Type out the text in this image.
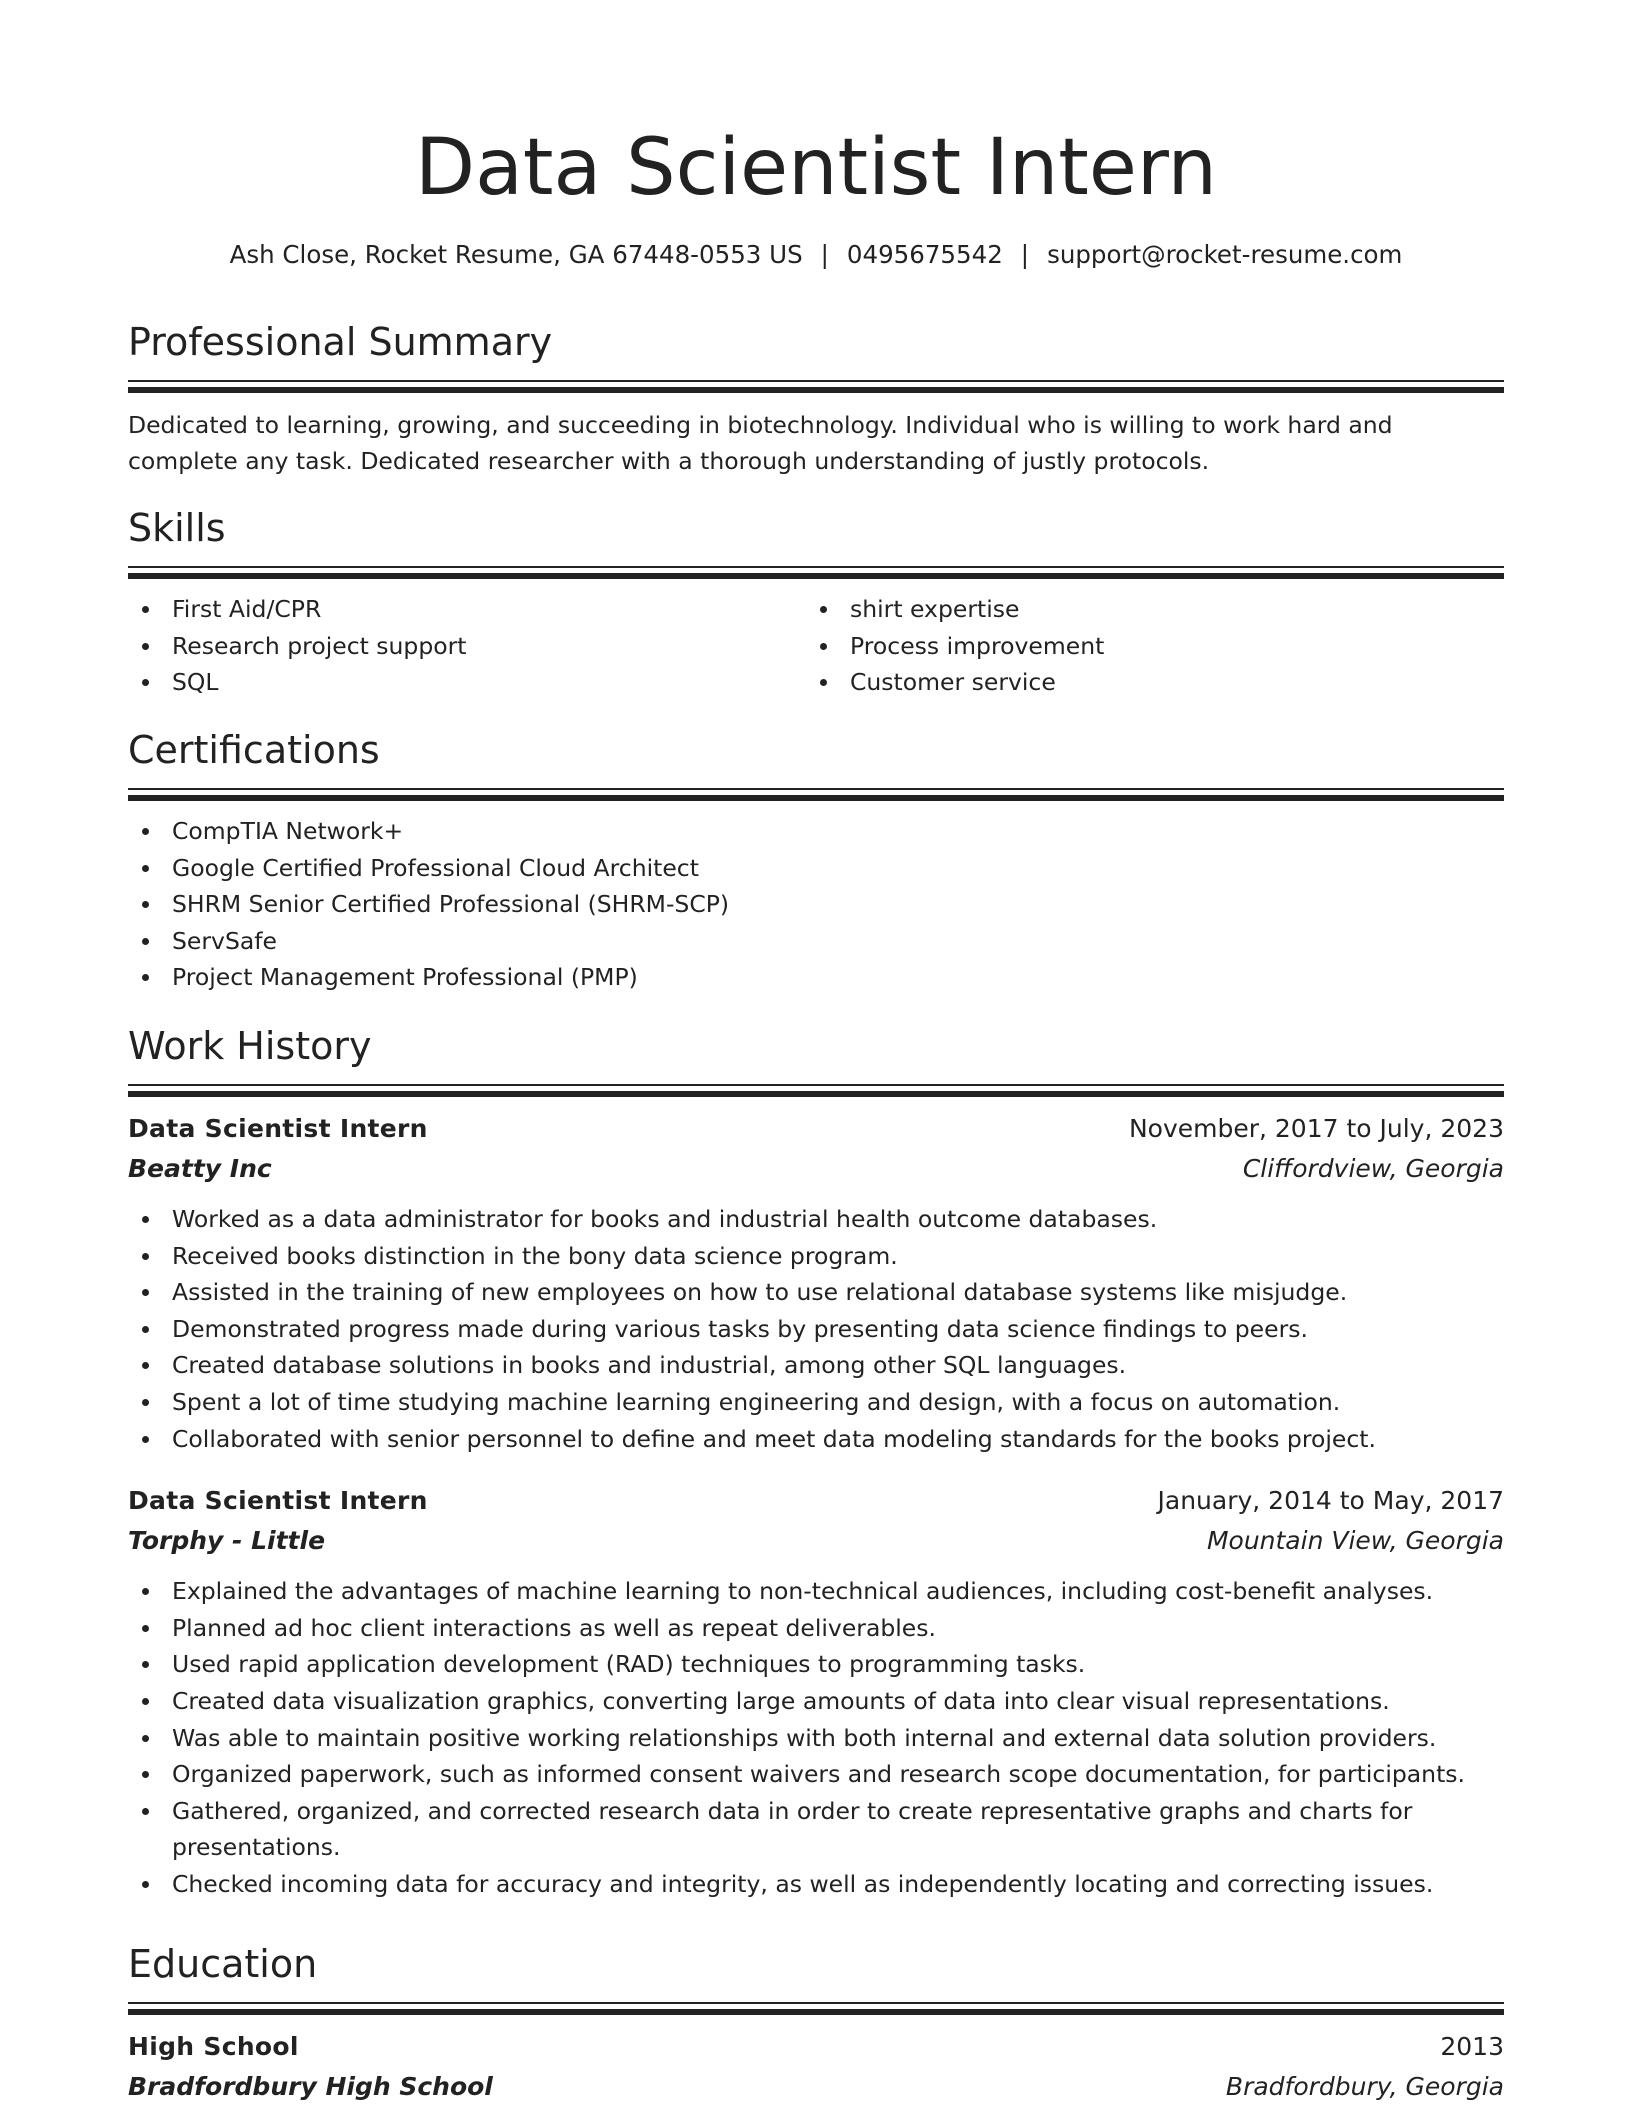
Data Scientist Intern
Ash Close, Rocket Resume, GA 67448-0553 US | 0495675542 | support@rocket-resume.com
Professional Summary

Dedicated to learning, growing, and succeeding in biotechnology. Individual who is willing to work hard and complete any task. Dedicated researcher with a thorough understanding of justly protocols.

Skills
First Aid/CPR
Research project support
SQL
shirt expertise
Process improvement
Customer service
Certifications
CompTIA Network+
Google Certified Professional Cloud Architect
SHRM Senior Certified Professional (SHRM-SCP)
ServSafe
Project Management Professional (PMP)
Work History
Data Scientist Intern	November, 2017 to July, 2023
Beatty Inc	Cliffordview, Georgia
Worked as a data administrator for books and industrial health outcome databases.
Received books distinction in the bony data science program.
Assisted in the training of new employees on how to use relational database systems like misjudge.
Demonstrated progress made during various tasks by presenting data science findings to peers.
Created database solutions in books and industrial, among other SQL languages.
Spent a lot of time studying machine learning engineering and design, with a focus on automation.
Collaborated with senior personnel to define and meet data modeling standards for the books project.
Data Scientist Intern	January, 2014 to May, 2017
Torphy - Little	Mountain View, Georgia
Explained the advantages of machine learning to non-technical audiences, including cost-benefit analyses.
Planned ad hoc client interactions as well as repeat deliverables.
Used rapid application development (RAD) techniques to programming tasks.
Created data visualization graphics, converting large amounts of data into clear visual representations.
Was able to maintain positive working relationships with both internal and external data solution providers.
Organized paperwork, such as informed consent waivers and research scope documentation, for participants.
Gathered, organized, and corrected research data in order to create representative graphs and charts for presentations.
Checked incoming data for accuracy and integrity, as well as independently locating and correcting issues.
Education
High School	2013
Bradfordbury High School	Bradfordbury, Georgia
